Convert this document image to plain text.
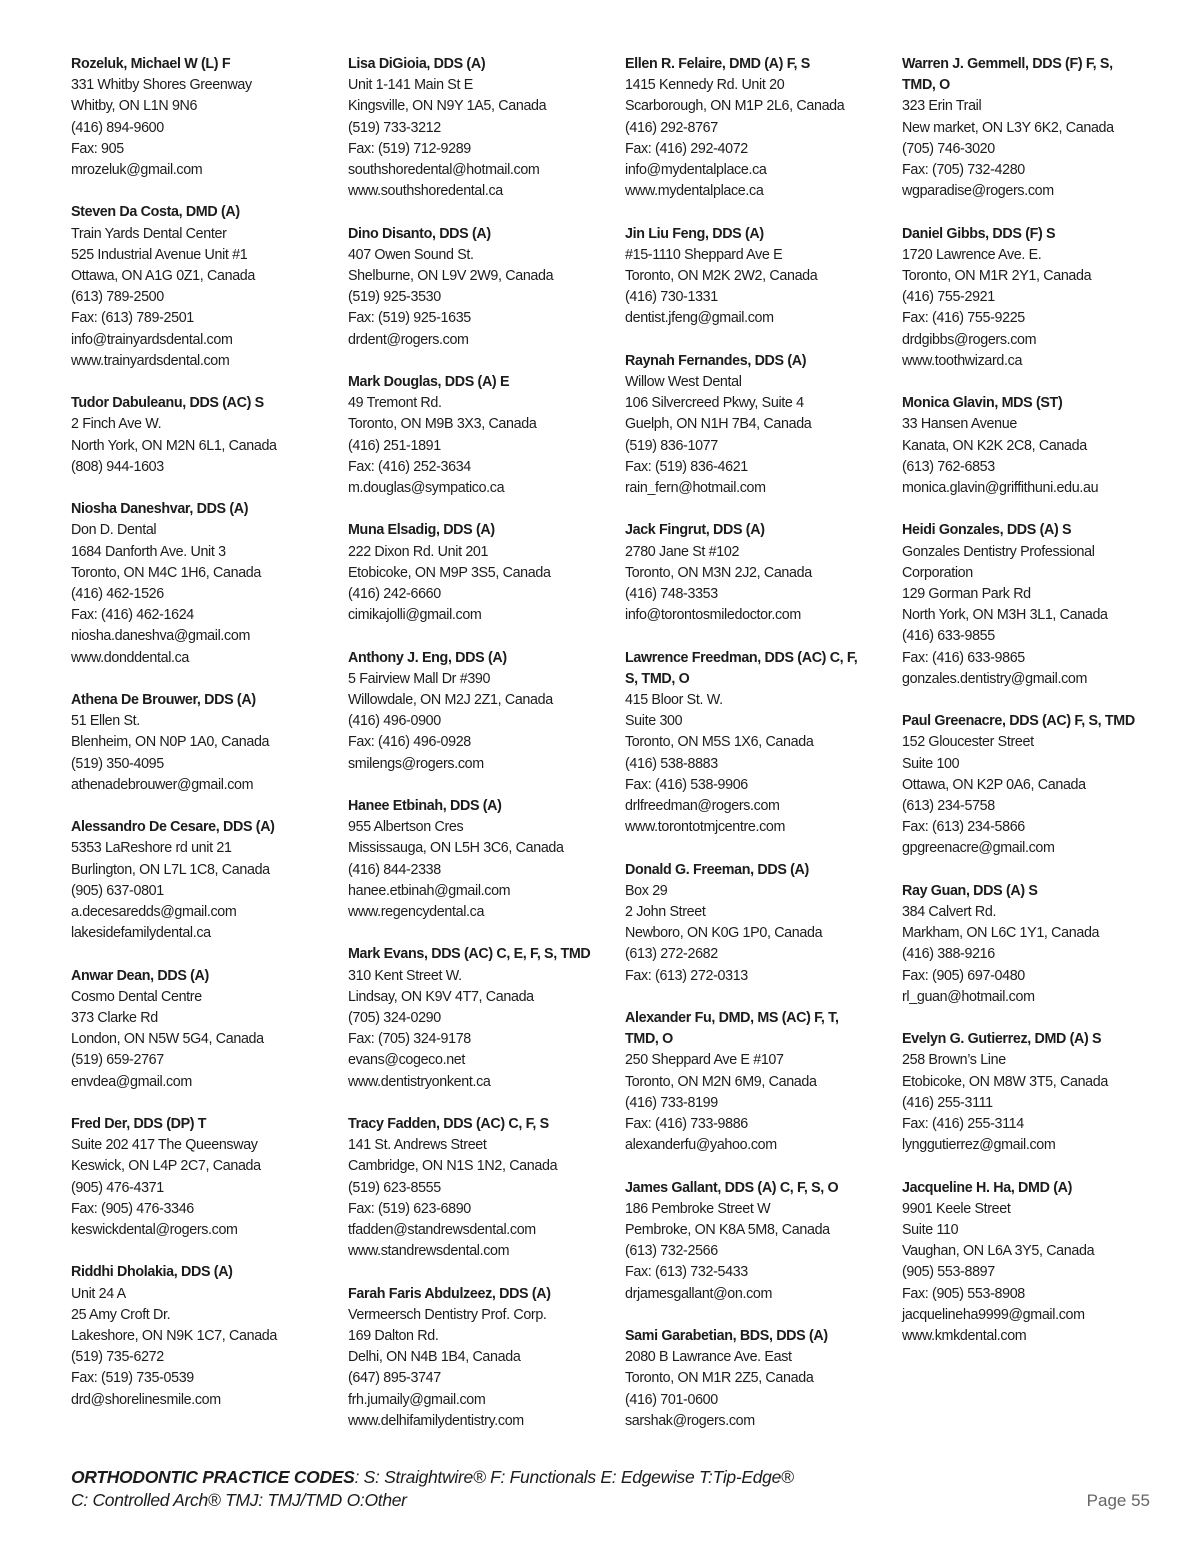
Rozeluk, Michael W (L) F
331 Whitby Shores Greenway
Whitby, ON L1N 9N6
(416) 894-9600
Fax: 905
mrozeluk@gmail.com
Steven Da Costa, DMD (A)
Train Yards Dental Center
525 Industrial Avenue Unit #1
Ottawa, ON A1G 0Z1, Canada
(613) 789-2500
Fax: (613) 789-2501
info@trainyardsdental.com
www.trainyardsdental.com
Tudor Dabuleanu, DDS (AC) S
2 Finch Ave W.
North York, ON M2N 6L1, Canada
(808) 944-1603
Niosha Daneshvar, DDS (A)
Don D. Dental
1684 Danforth Ave. Unit 3
Toronto, ON M4C 1H6, Canada
(416) 462-1526
Fax: (416) 462-1624
niosha.daneshva@gmail.com
www.donddental.ca
Athena De Brouwer, DDS (A)
51 Ellen St.
Blenheim, ON N0P 1A0, Canada
(519) 350-4095
athenadebrouwer@gmail.com
Alessandro De Cesare, DDS (A)
5353 LaReshore rd unit 21
Burlington, ON L7L 1C8, Canada
(905) 637-0801
a.decesaredds@gmail.com
lakesidefamilydental.ca
Anwar Dean, DDS (A)
Cosmo Dental Centre
373 Clarke Rd
London, ON N5W 5G4, Canada
(519) 659-2767
envdea@gmail.com
Fred Der, DDS (DP) T
Suite 202 417 The Queensway
Keswick, ON L4P 2C7, Canada
(905) 476-4371
Fax: (905) 476-3346
keswickdental@rogers.com
Riddhi Dholakia, DDS (A)
Unit 24 A
25 Amy Croft Dr.
Lakeshore, ON N9K 1C7, Canada
(519) 735-6272
Fax: (519) 735-0539
drd@shorelinesmile.com
Lisa DiGioia, DDS (A)
Unit 1-141 Main St E
Kingsville, ON N9Y 1A5, Canada
(519) 733-3212
Fax: (519) 712-9289
southshoredental@hotmail.com
www.southshoredental.ca
Dino Disanto, DDS (A)
407 Owen Sound St.
Shelburne, ON L9V 2W9, Canada
(519) 925-3530
Fax: (519) 925-1635
drdent@rogers.com
Mark Douglas, DDS (A) E
49 Tremont Rd.
Toronto, ON M9B 3X3, Canada
(416) 251-1891
Fax: (416) 252-3634
m.douglas@sympatico.ca
Muna Elsadig, DDS (A)
222 Dixon Rd. Unit 201
Etobicoke, ON M9P 3S5, Canada
(416) 242-6660
cimikajolli@gmail.com
Anthony J. Eng, DDS (A)
5 Fairview Mall Dr #390
Willowdale, ON M2J 2Z1, Canada
(416) 496-0900
Fax: (416) 496-0928
smilengs@rogers.com
Hanee Etbinah, DDS (A)
955 Albertson Cres
Mississauga, ON L5H 3C6, Canada
(416) 844-2338
hanee.etbinah@gmail.com
www.regencydental.ca
Mark Evans, DDS (AC) C, E, F, S, TMD
310 Kent Street W.
Lindsay, ON K9V 4T7, Canada
(705) 324-0290
Fax: (705) 324-9178
evans@cogeco.net
www.dentistryonkent.ca
Tracy Fadden, DDS (AC) C, F, S
141 St. Andrews Street
Cambridge, ON N1S 1N2, Canada
(519) 623-8555
Fax: (519) 623-6890
tfadden@standrewsdental.com
www.standrewsdental.com
Farah Faris Abdulzeez, DDS (A)
Vermeersch Dentistry Prof. Corp.
169 Dalton Rd.
Delhi, ON N4B 1B4, Canada
(647) 895-3747
frh.jumaily@gmail.com
www.delhifamilydentistry.com
Ellen R. Felaire, DMD (A) F, S
1415 Kennedy Rd. Unit 20
Scarborough, ON M1P 2L6, Canada
(416) 292-8767
Fax: (416) 292-4072
info@mydentalplace.ca
www.mydentalplace.ca
Jin Liu Feng, DDS (A)
#15-1110 Sheppard Ave E
Toronto, ON M2K 2W2, Canada
(416) 730-1331
dentist.jfeng@gmail.com
Raynah Fernandes, DDS (A)
Willow West Dental
106 Silvercreed Pkwy, Suite 4
Guelph, ON N1H 7B4, Canada
(519) 836-1077
Fax: (519) 836-4621
rain_fern@hotmail.com
Jack Fingrut, DDS (A)
2780 Jane St #102
Toronto, ON M3N 2J2, Canada
(416) 748-3353
info@torontosmiledoctor.com
Lawrence Freedman, DDS (AC) C, F,
S, TMD, O
415 Bloor St. W.
Suite 300
Toronto, ON M5S 1X6, Canada
(416) 538-8883
Fax: (416) 538-9906
drlfreedman@rogers.com
www.torontotmjcentre.com
Donald G. Freeman, DDS (A)
Box 29
2 John Street
Newboro, ON K0G 1P0, Canada
(613) 272-2682
Fax: (613) 272-0313
Alexander Fu, DMD, MS (AC) F, T,
TMD, O
250 Sheppard Ave E #107
Toronto, ON M2N 6M9, Canada
(416) 733-8199
Fax: (416) 733-9886
alexanderfu@yahoo.com
James Gallant, DDS (A) C, F, S, O
186 Pembroke Street W
Pembroke, ON K8A 5M8, Canada
(613) 732-2566
Fax: (613) 732-5433
drjamesgallant@on.com
Sami Garabetian, BDS, DDS (A)
2080 B Lawrance Ave. East
Toronto, ON M1R 2Z5, Canada
(416) 701-0600
sarshak@rogers.com
Warren J. Gemmell, DDS (F) F, S,
TMD, O
323 Erin Trail
New market, ON L3Y 6K2, Canada
(705) 746-3020
Fax: (705) 732-4280
wgparadise@rogers.com
Daniel Gibbs, DDS (F) S
1720 Lawrence Ave. E.
Toronto, ON M1R 2Y1, Canada
(416) 755-2921
Fax: (416) 755-9225
drdgibbs@rogers.com
www.toothwizard.ca
Monica Glavin, MDS (ST)
33 Hansen Avenue
Kanata, ON K2K 2C8, Canada
(613) 762-6853
monica.glavin@griffithuni.edu.au
Heidi Gonzales, DDS (A) S
Gonzales Dentistry Professional
Corporation
129 Gorman Park Rd
North York, ON M3H 3L1, Canada
(416) 633-9855
Fax: (416) 633-9865
gonzales.dentistry@gmail.com
Paul Greenacre, DDS (AC) F, S, TMD
152 Gloucester Street
Suite 100
Ottawa, ON K2P 0A6, Canada
(613) 234-5758
Fax: (613) 234-5866
gpgreenacre@gmail.com
Ray Guan, DDS (A) S
384 Calvert Rd.
Markham, ON L6C 1Y1, Canada
(416) 388-9216
Fax: (905) 697-0480
rl_guan@hotmail.com
Evelyn G. Gutierrez, DMD (A) S
258 Brown’s Line
Etobicoke, ON M8W 3T5, Canada
(416) 255-3111
Fax: (416) 255-3114
lynggutierrez@gmail.com
Jacqueline H. Ha, DMD (A)
9901 Keele Street
Suite 110
Vaughan, ON L6A 3Y5, Canada
(905) 553-8897
Fax: (905) 553-8908
jacquelineha9999@gmail.com
www.kmkdental.com
ORTHODONTIC PRACTICE CODES: S: Straightwire® F: Functionals E: Edgewise T:Tip-Edge®
C: Controlled Arch® TMJ: TMJ/TMD O:Other	Page 55
